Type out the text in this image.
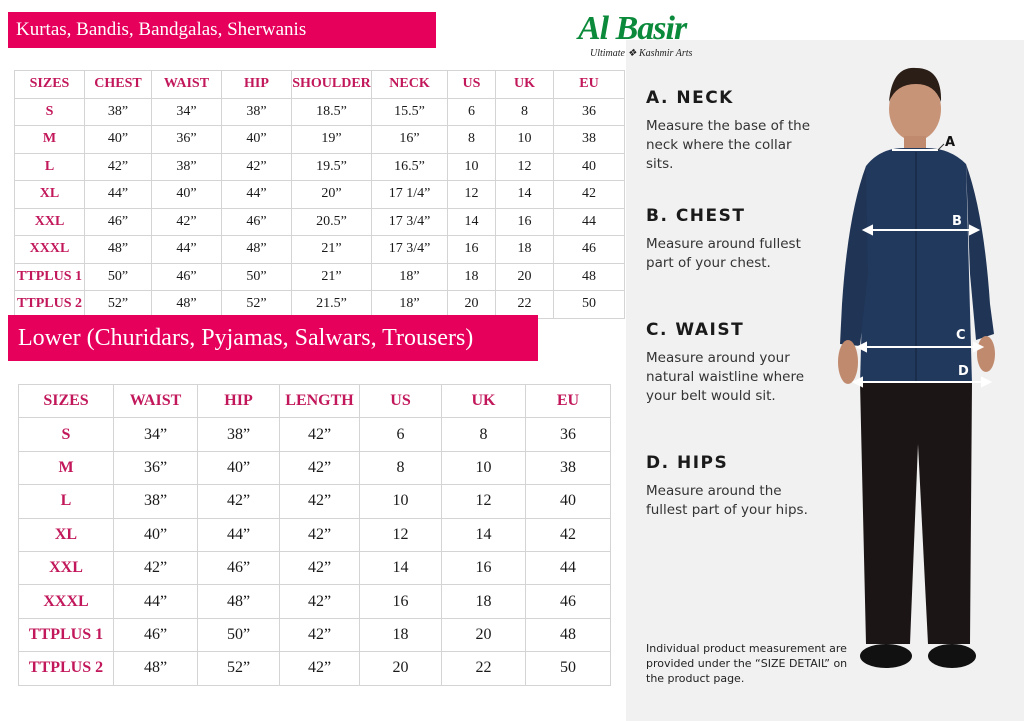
Kurtas, Bandis, Bandgalas, Sherwanis
SIZES	CHEST	WAIST	HIP	SHOULDER	NECK	US	UK	EU
S	38”	34”	38”	18.5”	15.5”	6	8	36
M	40”	36”	40”	19”	16”	8	10	38
L	42”	38”	42”	19.5”	16.5”	10	12	40
XL	44”	40”	44”	20”	17 1/4”	12	14	42
XXL	46”	42”	46”	20.5”	17 3/4”	14	16	44
XXXL	48”	44”	48”	21”	17 3/4”	16	18	46
TTPLUS 1	50”	46”	50”	21”	18”	18	20	48
TTPLUS 2	52”	48”	52”	21.5”	18”	20	22	50
Lower (Churidars, Pyjamas, Salwars, Trousers)
SIZES	WAIST	HIP	LENGTH	US	UK	EU
S	34”	38”	42”	6	8	36
M	36”	40”	42”	8	10	38
L	38”	42”	42”	10	12	40
XL	40”	44”	42”	12	14	42
XXL	42”	46”	42”	14	16	44
XXXL	44”	48”	42”	16	18	46
TTPLUS 1	46”	50”	42”	18	20	48
TTPLUS 2	48”	52”	42”	20	22	50
Al Basir
Ultimate ❖ Kashmir Arts
A. NECK
Measure the base of the neck where the collar sits.
B. CHEST
Measure around fullest part of your chest.
C. WAIST
Measure around your natural waistline where your belt would sit.
D. HIPS
Measure around the fullest part of your hips.
Individual product measurement are provided under the “SIZE DETAIL” on the product page.
A
B
C
D
